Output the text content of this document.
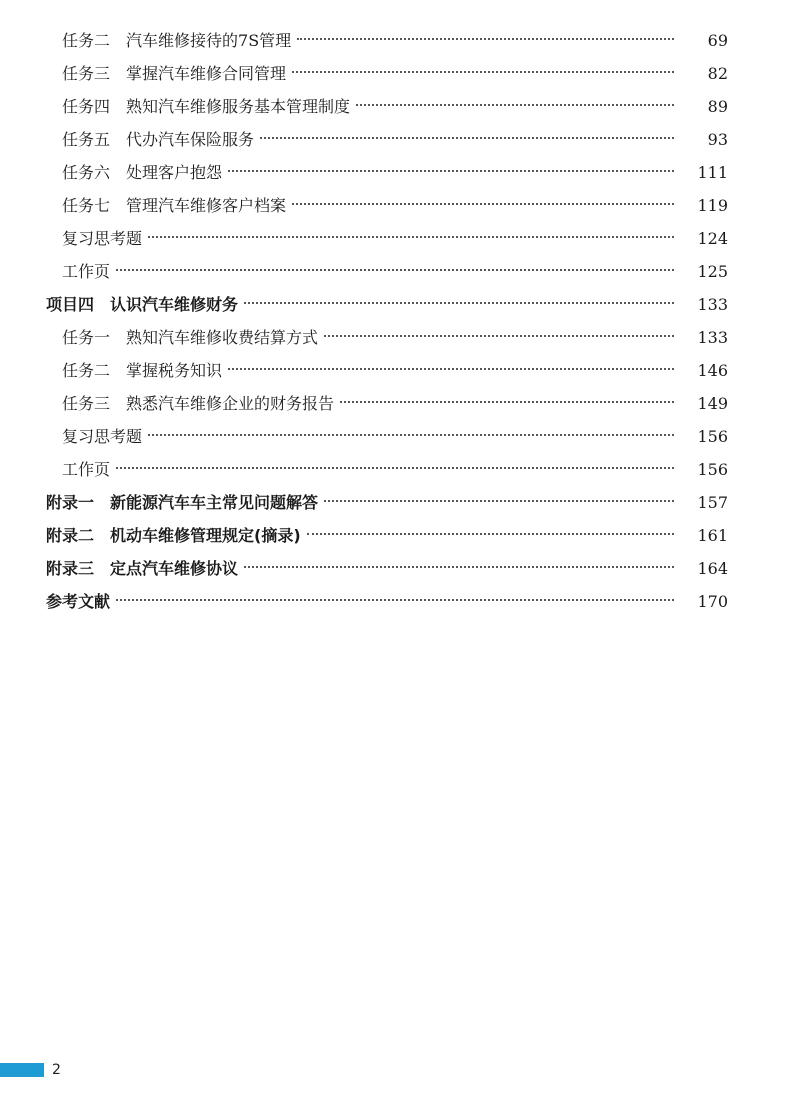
任务二 汽车维修接待的7S管理	69
任务三 掌握汽车维修合同管理	82
任务四 熟知汽车维修服务基本管理制度	89
任务五 代办汽车保险服务	93
任务六 处理客户抱怨	111
任务七 管理汽车维修客户档案	119
复习思考题	124
工作页	125
项目四 认识汽车维修财务	133
任务一 熟知汽车维修收费结算方式	133
任务二 掌握税务知识	146
任务三 熟悉汽车维修企业的财务报告	149
复习思考题	156
工作页	156
附录一 新能源汽车车主常见问题解答	157
附录二 机动车维修管理规定(摘录)	161
附录三 定点汽车维修协议	164
参考文献	170
2
